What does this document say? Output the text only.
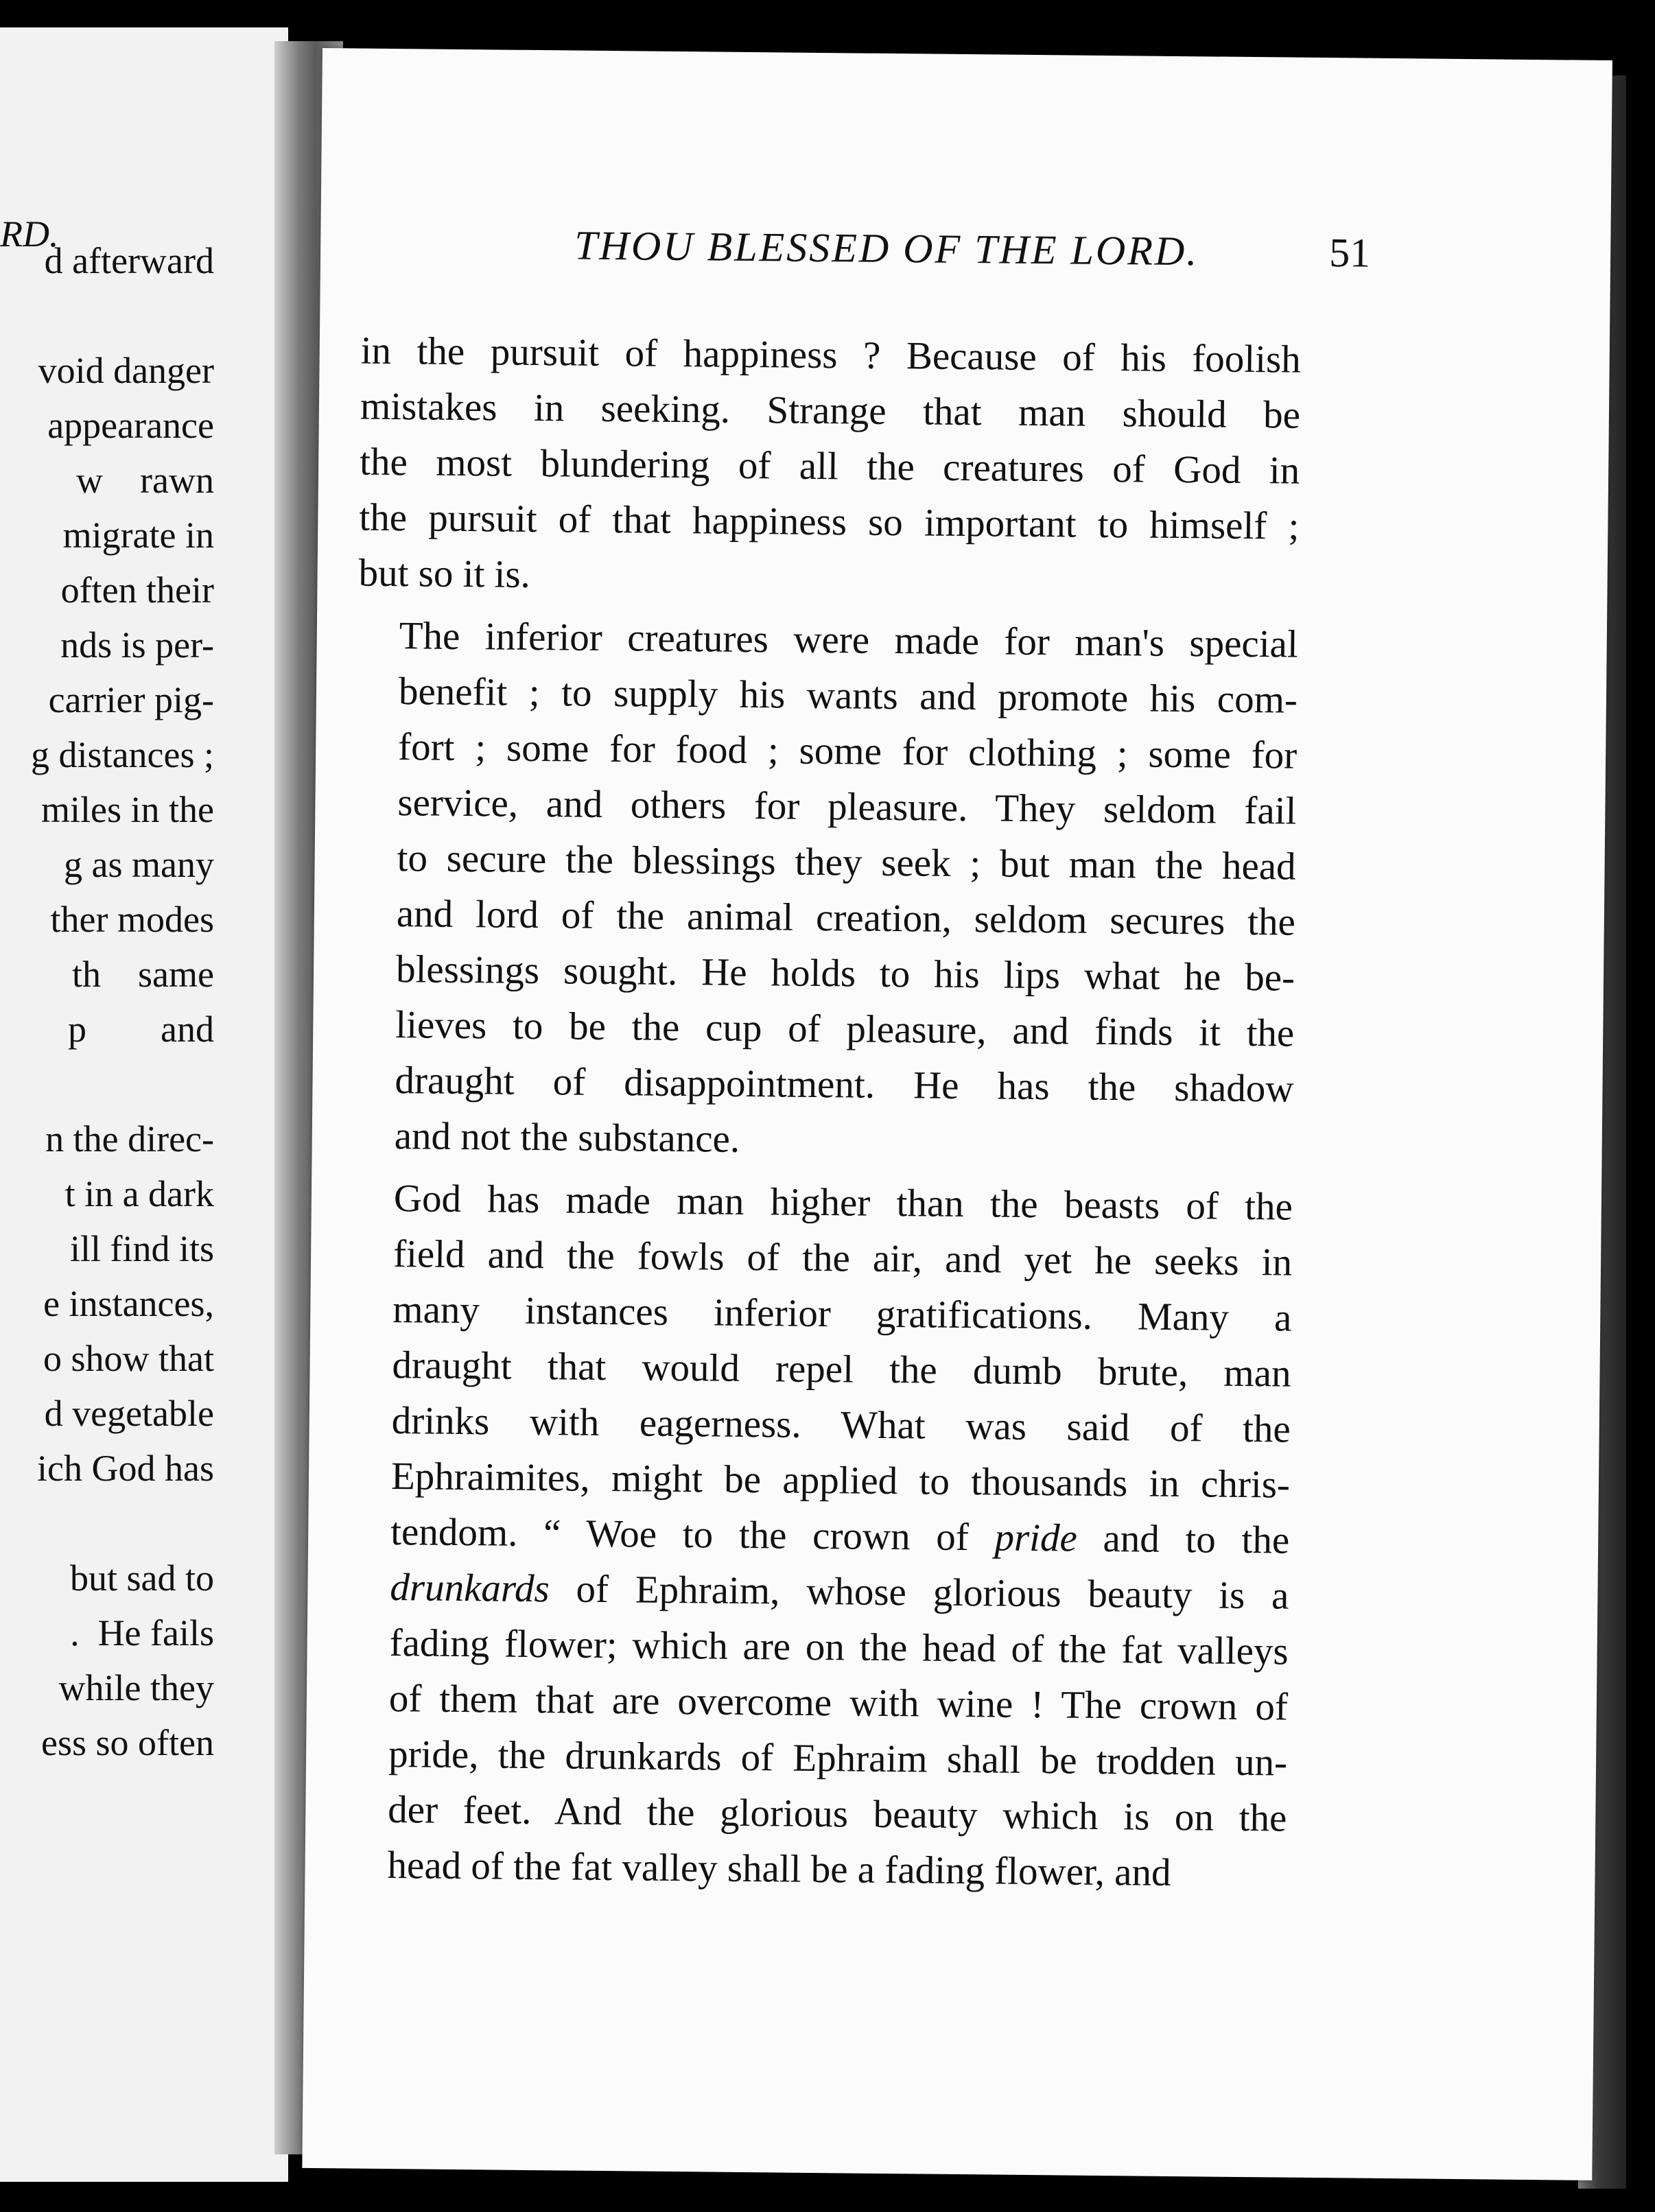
RD.
d afterward

void danger
appearance
w    rawn
migrate in
often their
nds is per-
carrier pig-
g distances ;
miles in the
g as many
ther modes
th    same
p        and

n the direc-
t in a dark
ill find its
e instances,
o show that
d vegetable
ich God has

but sad to
.  He fails
while they
ess so often
THOU BLESSED OF THE LORD.	51

in the pursuit of happiness ? Because of his foolish
mistakes in seeking. Strange that man should be
the most blundering of all the creatures of God in
the pursuit of that happiness so important to himself ;
but so it is.

The inferior creatures were made for man's special
benefit ; to supply his wants and promote his com-
fort ; some for food ; some for clothing ; some for
service, and others for pleasure. They seldom fail
to secure the blessings they seek ; but man the head
and lord of the animal creation, seldom secures the
blessings sought. He holds to his lips what he be-
lieves to be the cup of pleasure, and finds it the
draught of disappointment. He has the shadow
and not the substance.

God has made man higher than the beasts of the
field and the fowls of the air, and yet he seeks in
many instances inferior gratifications. Many a
draught that would repel the dumb brute, man
drinks with eagerness. What was said of the
Ephraimites, might be applied to thousands in chris-
tendom. “ Woe to the crown of pride and to the
drunkards of Ephraim, whose glorious beauty is a
fading flower; which are on the head of the fat valleys
of them that are overcome with wine ! The crown of
pride, the drunkards of Ephraim shall be trodden un-
der feet. And the glorious beauty which is on the
head of the fat valley shall be a fading flower, and
